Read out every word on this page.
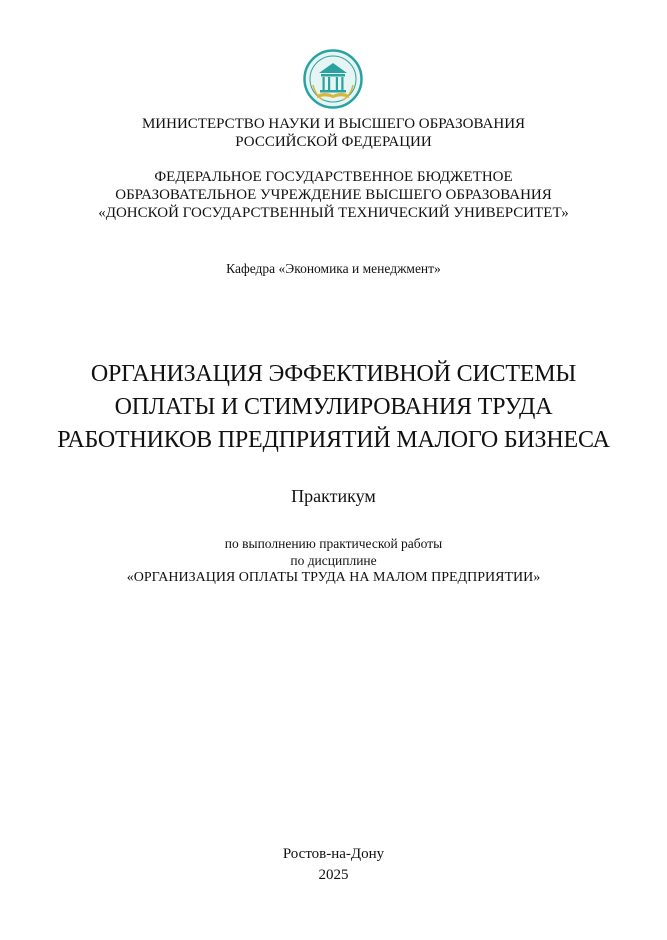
МИНИСТЕРСТВО НАУКИ И ВЫСШЕГО ОБРАЗОВАНИЯ
РОССИЙСКОЙ ФЕДЕРАЦИИ
ФЕДЕРАЛЬНОЕ ГОСУДАРСТВЕННОЕ БЮДЖЕТНОЕ
ОБРАЗОВАТЕЛЬНОЕ УЧРЕЖДЕНИЕ ВЫСШЕГО ОБРАЗОВАНИЯ
«ДОНСКОЙ ГОСУДАРСТВЕННЫЙ ТЕХНИЧЕСКИЙ УНИВЕРСИТЕТ»
Кафедра «Экономика и менеджмент»
ОРГАНИЗАЦИЯ ЭФФЕКТИВНОЙ СИСТЕМЫ
ОПЛАТЫ И СТИМУЛИРОВАНИЯ ТРУДА
РАБОТНИКОВ ПРЕДПРИЯТИЙ МАЛОГО БИЗНЕСА
Практикум
по выполнению практической работы
по дисциплине
«ОРГАНИЗАЦИЯ ОПЛАТЫ ТРУДА НА МАЛОМ ПРЕДПРИЯТИИ»
Ростов-на-Дону
2025
